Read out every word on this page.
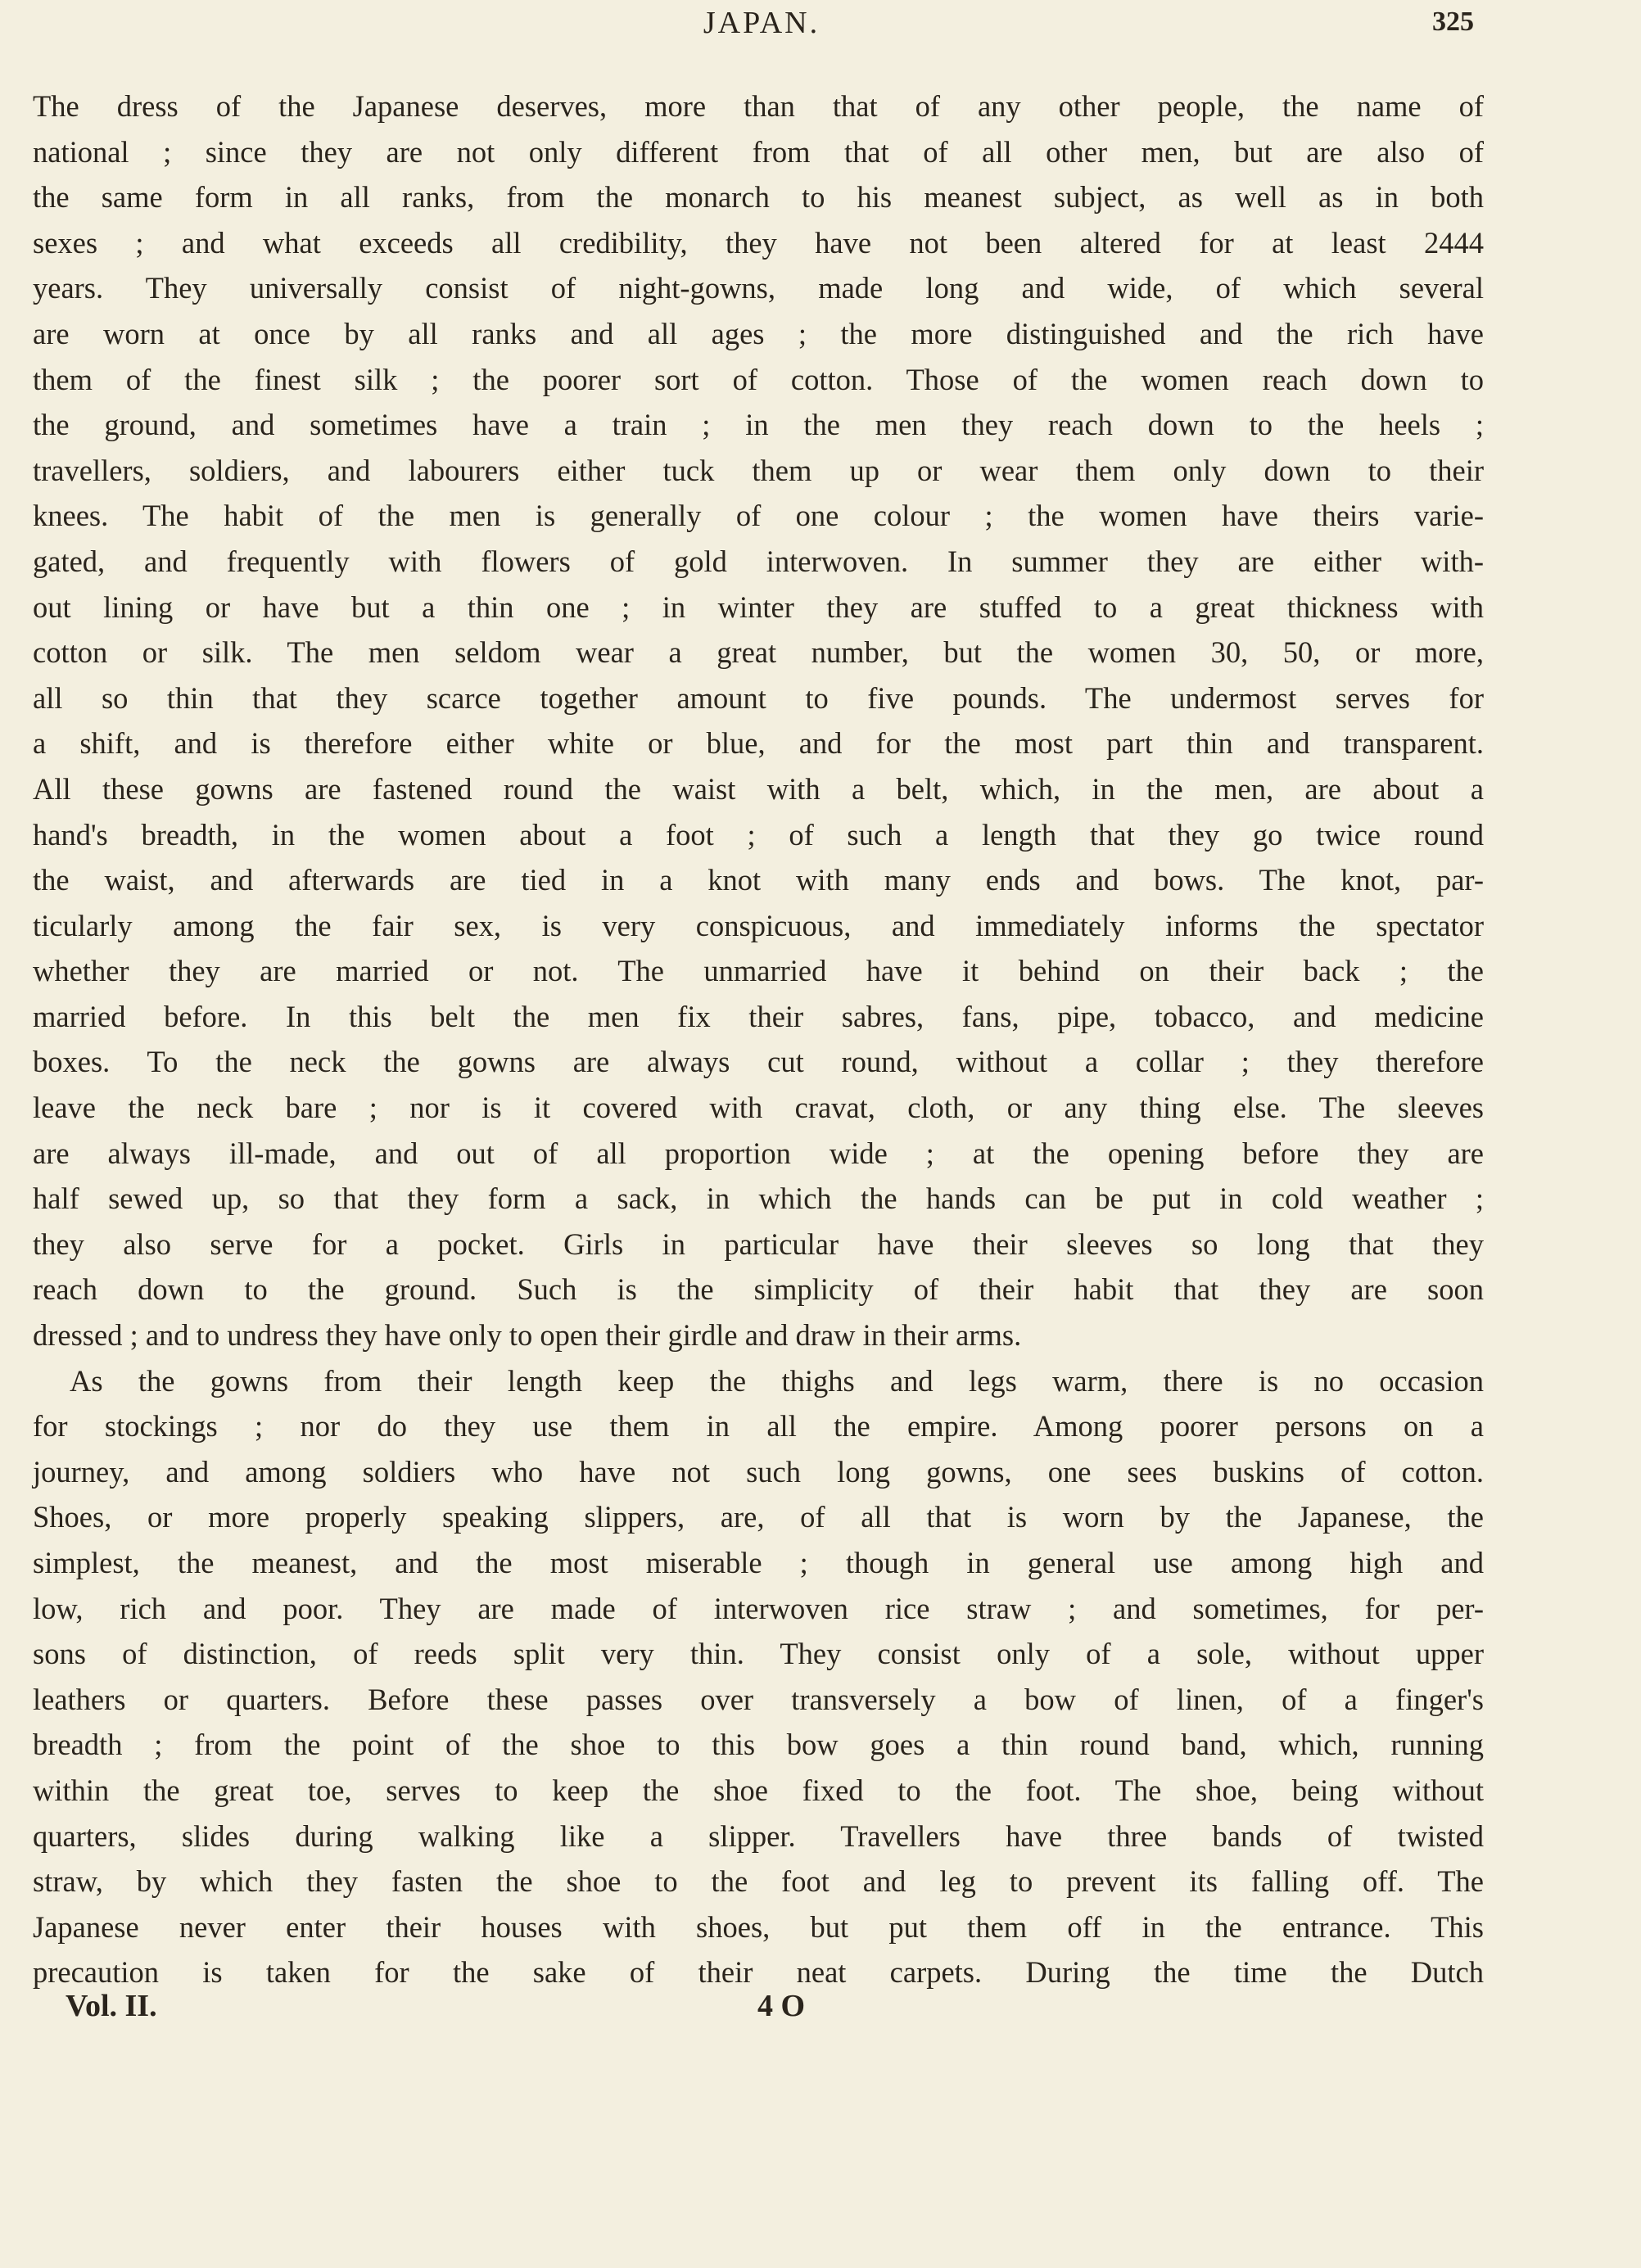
JAPAN.	325
The dress of the Japanese deserves, more than that of any other people, the name of
national ; since they are not only different from that of all other men, but are also of
the same form in all ranks, from the monarch to his meanest subject, as well as in both
sexes ; and what exceeds all credibility, they have not been altered for at least 2444
years. They universally consist of night-gowns, made long and wide, of which several
are worn at once by all ranks and all ages ; the more distinguished and the rich have
them of the finest silk ; the poorer sort of cotton. Those of the women reach down to
the ground, and sometimes have a train ; in the men they reach down to the heels ;
travellers, soldiers, and labourers either tuck them up or wear them only down to their
knees. The habit of the men is generally of one colour ; the women have theirs varie-
gated, and frequently with flowers of gold interwoven. In summer they are either with-
out lining or have but a thin one ; in winter they are stuffed to a great thickness with
cotton or silk. The men seldom wear a great number, but the women 30, 50, or more,
all so thin that they scarce together amount to five pounds. The undermost serves for
a shift, and is therefore either white or blue, and for the most part thin and transparent.
All these gowns are fastened round the waist with a belt, which, in the men, are about a
hand's breadth, in the women about a foot ; of such a length that they go twice round
the waist, and afterwards are tied in a knot with many ends and bows. The knot, par-
ticularly among the fair sex, is very conspicuous, and immediately informs the spectator
whether they are married or not. The unmarried have it behind on their back ; the
married before. In this belt the men fix their sabres, fans, pipe, tobacco, and medicine
boxes. To the neck the gowns are always cut round, without a collar ; they therefore
leave the neck bare ; nor is it covered with cravat, cloth, or any thing else. The sleeves
are always ill-made, and out of all proportion wide ; at the opening before they are
half sewed up, so that they form a sack, in which the hands can be put in cold weather ;
they also serve for a pocket. Girls in particular have their sleeves so long that they
reach down to the ground. Such is the simplicity of their habit that they are soon
dressed ; and to undress they have only to open their girdle and draw in their arms.
As the gowns from their length keep the thighs and legs warm, there is no occasion
for stockings ; nor do they use them in all the empire. Among poorer persons on a
journey, and among soldiers who have not such long gowns, one sees buskins of cotton.
Shoes, or more properly speaking slippers, are, of all that is worn by the Japanese, the
simplest, the meanest, and the most miserable ; though in general use among high and
low, rich and poor. They are made of interwoven rice straw ; and sometimes, for per-
sons of distinction, of reeds split very thin. They consist only of a sole, without upper
leathers or quarters. Before these passes over transversely a bow of linen, of a finger's
breadth ; from the point of the shoe to this bow goes a thin round band, which, running
within the great toe, serves to keep the shoe fixed to the foot. The shoe, being without
quarters, slides during walking like a slipper. Travellers have three bands of twisted
straw, by which they fasten the shoe to the foot and leg to prevent its falling off. The
Japanese never enter their houses with shoes, but put them off in the entrance. This
precaution is taken for the sake of their neat carpets. During the time the Dutch
Vol. II.	4 O
